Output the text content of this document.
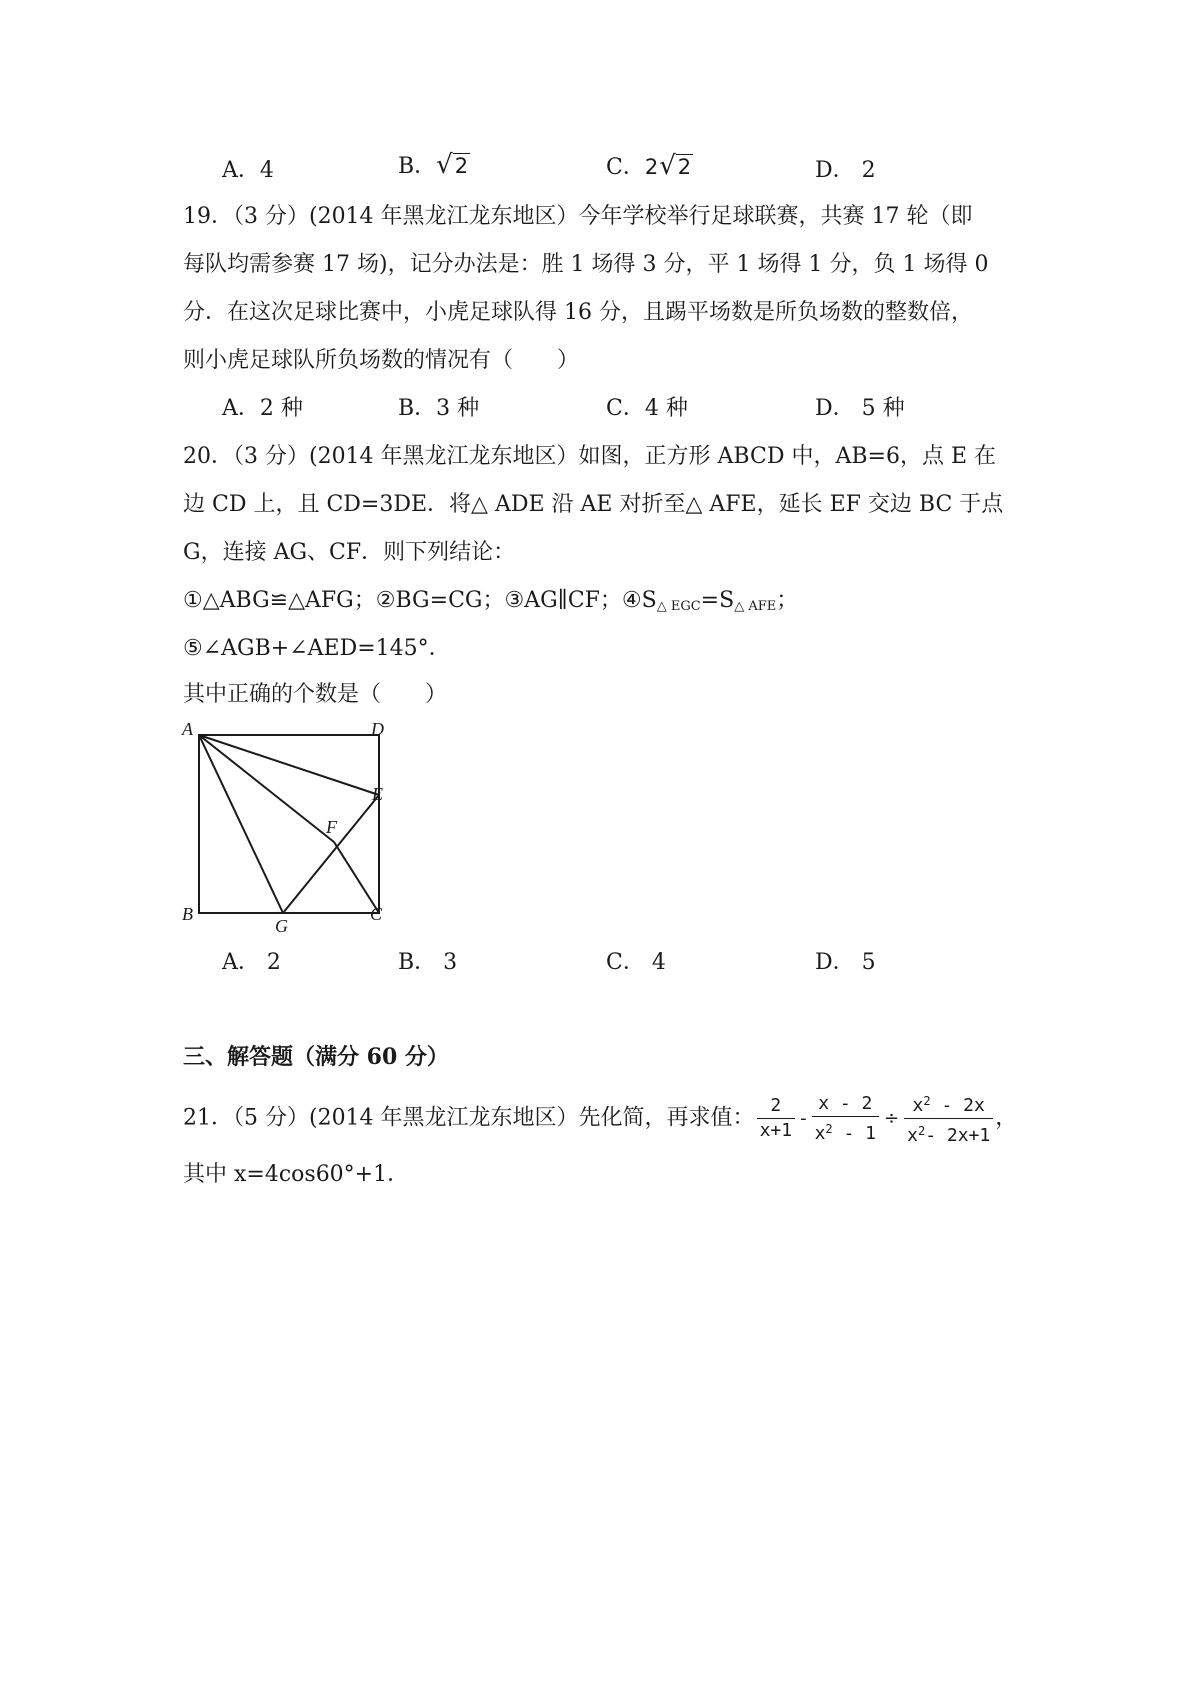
A．4	B． √ 2	C．2 √ 2	D． 2
19．（3 分）(2014 年黑龙江龙东地区）今年学校举行足球联赛，共赛 17 轮（即
每队均需参赛 17 场)，记分办法是：胜 1 场得 3 分，平 1 场得 1 分，负 1 场得 0
分．在这次足球比赛中，小虎足球队得 16 分，且踢平场数是所负场数的整数倍，
则小虎足球队所负场数的情况有（　　）
A．2 种	B．3 种	C．4 种	D． 5 种
20．（3 分）(2014 年黑龙江龙东地区）如图，正方形 ABCD 中，AB=6，点 E 在
边 CD 上，且 CD=3DE．将△ ADE 沿 AE 对折至△ AFE，延长 EF 交边 BC 于点
G，连接 AG、CF．则下列结论：
①△ABG≌△AFG；②BG=CG；③AG∥CF；$④S_{\triangle EGC}=S_{\triangle AFE}$；
⑤∠AGB+∠AED=145°．
其中正确的个数是（　　）
A	D
E
F
B
G
C
A． 2	B． 3	C． 4	D． 5
三、解答题（满分 60 分）
21．（5 分）(2014 年黑龙江龙东地区）先化简，再求值： $\frac{2}{x+1} - \frac{x - 2}{x^2 - 1} \div \frac{x^2 - 2x}{x^2- 2x+1}$ ，
其中 x=4cos60°+1．
